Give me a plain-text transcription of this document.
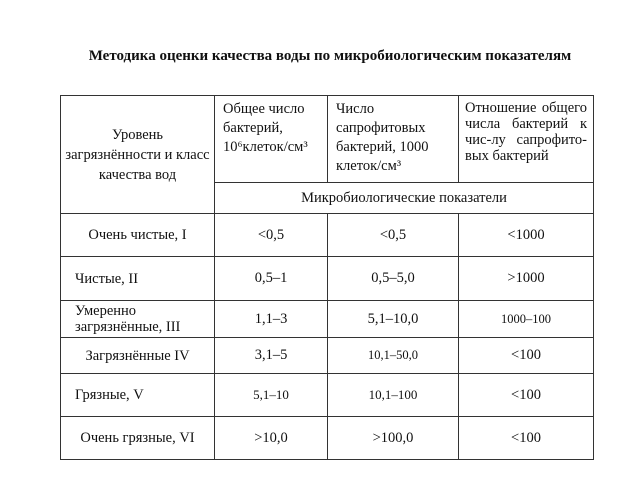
Методика оценки качества воды по микробиологическим показателям
Уровень загрязнённости и класс качества вод	Общее число бактерий, 10⁶клеток/см³	Число сапрофитовых бактерий, 1000 клеток/см³	Отношение общего числа бактерий к чис-лу сапрофито-вых бактерий
	Микробиологические показатели		
Очень чистые, I	<0,5	<0,5	<1000
Чистые, II	0,5–1	0,5–5,0	>1000
Умеренно загрязнённые, III	1,1–3	5,1–10,0	1000–100
Загрязнённые IV	3,1–5	10,1–50,0	<100
Грязные, V	5,1–10	10,1–100	<100
Очень грязные, VI	>10,0	>100,0	<100
